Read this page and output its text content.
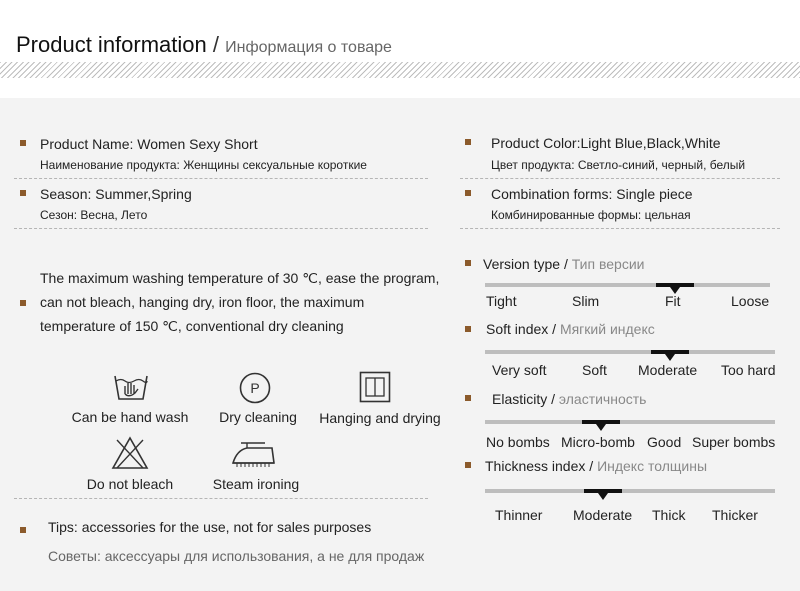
Product information / Информация о товаре
Product Name: Women Sexy Short
Наименование продукта: Женщины сексуальные короткие
Season: Summer,Spring
Сезон: Весна, Лето
The maximum washing temperature of 30 ℃, ease the program,
can not bleach, hanging dry, iron floor, the maximum
temperature of 150 ℃, conventional dry cleaning
Can be hand wash
P
Dry cleaning	Hanging and drying
Do not bleach	Steam ironing
Tips: accessories for the use, not for sales purposes
Советы: аксессуары для использования, а не для продаж
Product Color:Light Blue,Black,White
Цвет продукта: Светло-синий, черный, белый
Combination forms: Single piece
Комбинированные формы: цельная
Version type / Тип версии
Tight	Slim	Fit	Loose
Soft index / Мягкий индекс
Very soft	Soft Moderate Too hard
Elasticity / эластичность
No bombs Micro-bomb Good Super bombs
Thickness index / Индекс толщины
Thinner Moderate Thick Thicker
